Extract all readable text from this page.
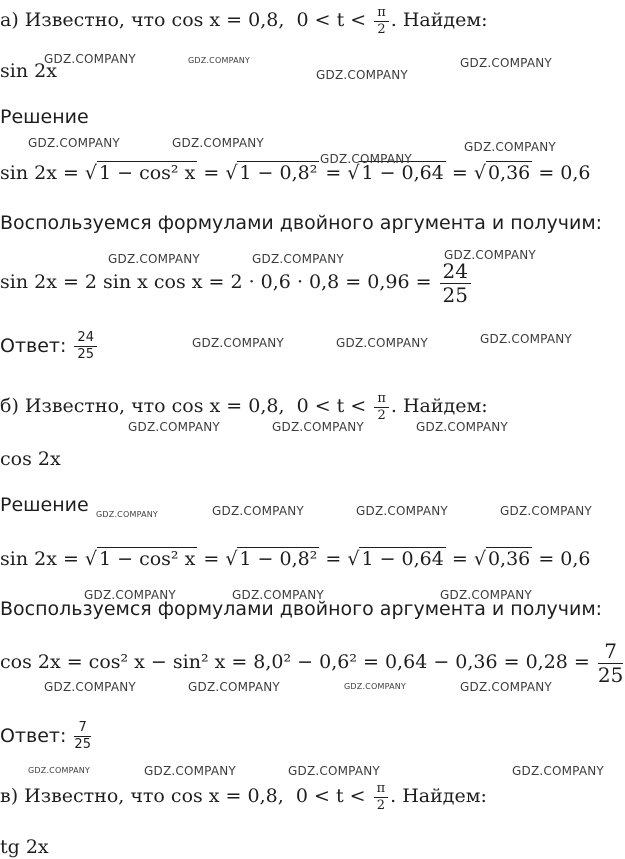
а) Известно, что cos x = 0,8, $0 < t < \frac{\pi}{2}$ . Найдем:
sin 2x
Решение
sin 2x = √ 1 − cos² x = √ 1 − 0,8² = √ 1 − 0,64 = √ 0,36 = 0,6
Воспользуемся формулами двойного аргумента и получим:
sin 2x = 2 sin x $\cos x = 2 \cdot 0,6 \cdot 0,8 = 0,96 = \frac{24}{25}$
Ответ: $\frac{24}{25}$
б) Известно, что cos x = 0,8, $0 < t < \frac{\pi}{2}$ . Найдем:
cos 2x
Решение
sin 2x = √ 1 − cos² x = √ 1 − 0,8² = √ 1 − 0,64 = √ 0,36 = 0,6
Воспользуемся формулами двойного аргумента и получим:
cos 2x = cos² x − sin² $x = 8,0^2 - 0,6^2 = 0,64 - 0,36 = 0,28 = \frac{7}{25}$
Ответ: $\frac{7}{25}$
в) Известно, что cos x = 0,8, $0 < t < \frac{\pi}{2}$ . Найдем:
tg 2x
GDZ.COMPANY	GDZ.COMPANY
GDZ.COMPANY
GDZ.COMPANY
GDZ.COMPANY	GDZ.COMPANY
GDZ.COMPANY
GDZ.COMPANY
GDZ.COMPANY	GDZ.COMPANY	GDZ.COMPANY
GDZ.COMPANY	GDZ.COMPANY	GDZ.COMPANY
GDZ.COMPANY	GDZ.COMPANY	GDZ.COMPANY
GDZ.COMPANY	GDZ.COMPANY	GDZ.COMPANY	GDZ.COMPANY
GDZ.COMPANY	GDZ.COMPANY	GDZ.COMPANY
GDZ.COMPANY	GDZ.COMPANY	GDZ.COMPANY	GDZ.COMPANY
GDZ.COMPANY	GDZ.COMPANY	GDZ.COMPANY	GDZ.COMPANY
